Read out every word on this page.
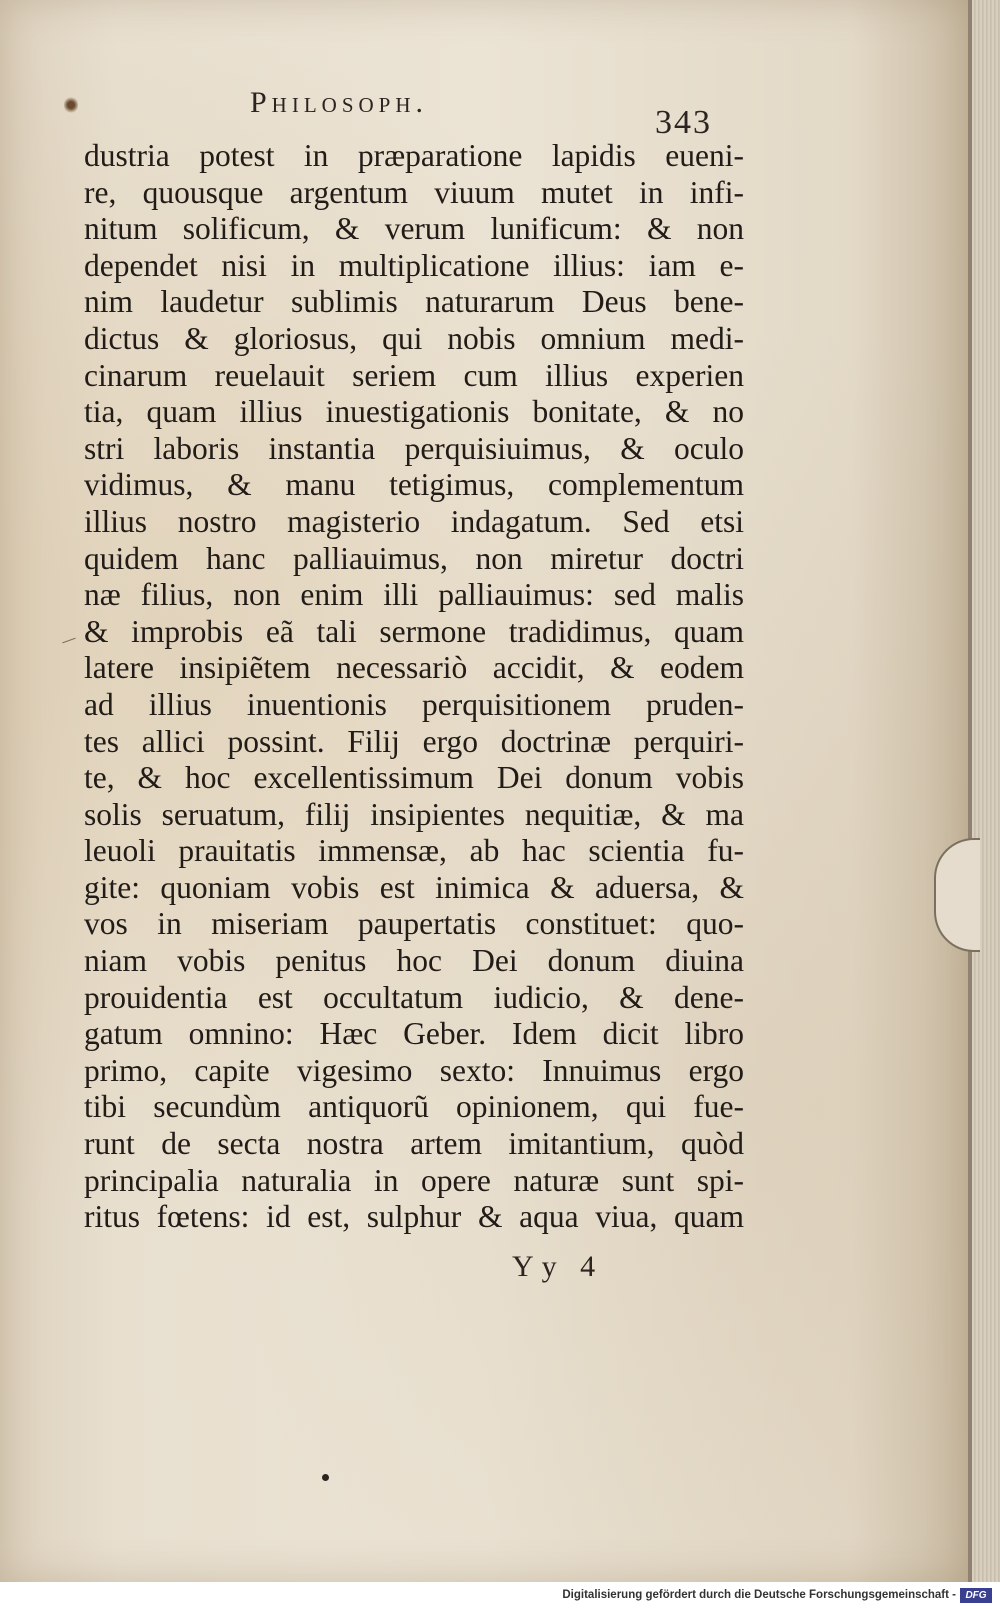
Philosoph.
343
dustria potest in præparatione lapidis eueni-
re, quousque argentum viuum mutet in infi-
nitum solificum, & verum lunificum: & non
dependet nisi in multiplicatione illius: iam e-
nim laudetur sublimis naturarum Deus bene-
dictus & gloriosus, qui nobis omnium medi-
cinarum reuelauit seriem cum illius experien
tia, quam illius inuestigationis bonitate, & no
stri laboris instantia perquisiuimus, & oculo
vidimus, & manu tetigimus, complementum
illius nostro magisterio indagatum. Sed etsi
quidem hanc palliauimus, non miretur doctri
næ filius, non enim illi palliauimus: sed malis
& improbis eã tali sermone tradidimus, quam
latere insipiẽtem necessariò accidit, & eodem
ad illius inuentionis perquisitionem pruden-
tes allici possint. Filij ergo doctrinæ perquiri-
te, & hoc excellentissimum Dei donum vobis
solis seruatum, filij insipientes nequitiæ, & ma
leuoli prauitatis immensæ, ab hac scientia fu-
gite: quoniam vobis est inimica & aduersa, &
vos in miseriam paupertatis constituet: quo-
niam vobis penitus hoc Dei donum diuina
prouidentia est occultatum iudicio, & dene-
gatum omnino: Hæc Geber. Idem dicit libro
primo, capite vigesimo sexto: Innuimus ergo
tibi secundùm antiquorũ opinionem, qui fue-
runt de secta nostra artem imitantium, quòd
principalia naturalia in opere naturæ sunt spi-
ritus fœtens: id est, sulphur & aqua viua, quam
Yy 4
Digitalisierung gefördert durch die Deutsche Forschungsgemeinschaft - DFG
